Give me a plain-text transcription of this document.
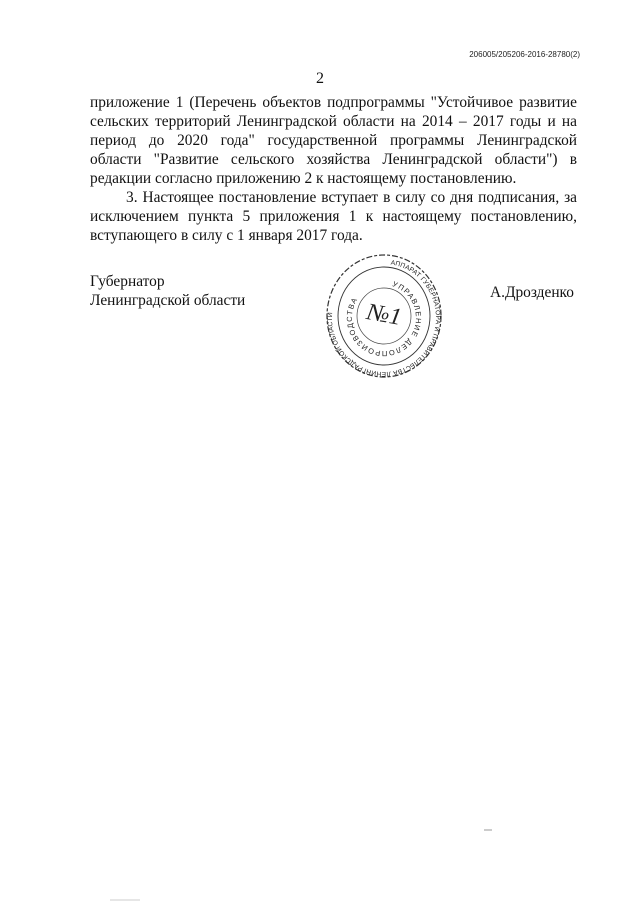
206005/205206-2016-28780(2)
2

приложение 1 (Перечень объектов подпрограммы "Устойчивое развитие сельских территорий Ленинградской области на 2014 – 2017 годы и на период до 2020 года" государственной программы Ленинградской области "Развитие сельского хозяйства Ленинградской области") в редакции согласно приложению 2 к настоящему постановлению.

3. Настоящее постановление вступает в силу со дня подписания, за исключением пункта 5 приложения 1 к настоящему постановлению, вступающего в силу с 1 января 2017 года.

Губернатор
Ленинградской области	А.Дрозденко
АППАРАТ ГУБЕРНАТОРА И ПРАВИТЕЛЬСТВА ЛЕНИНГРАДСКОЙ ОБЛАСТИ
УПРАВЛЕНИЕ ДЕЛОПРОИЗВОДСТВА №1
